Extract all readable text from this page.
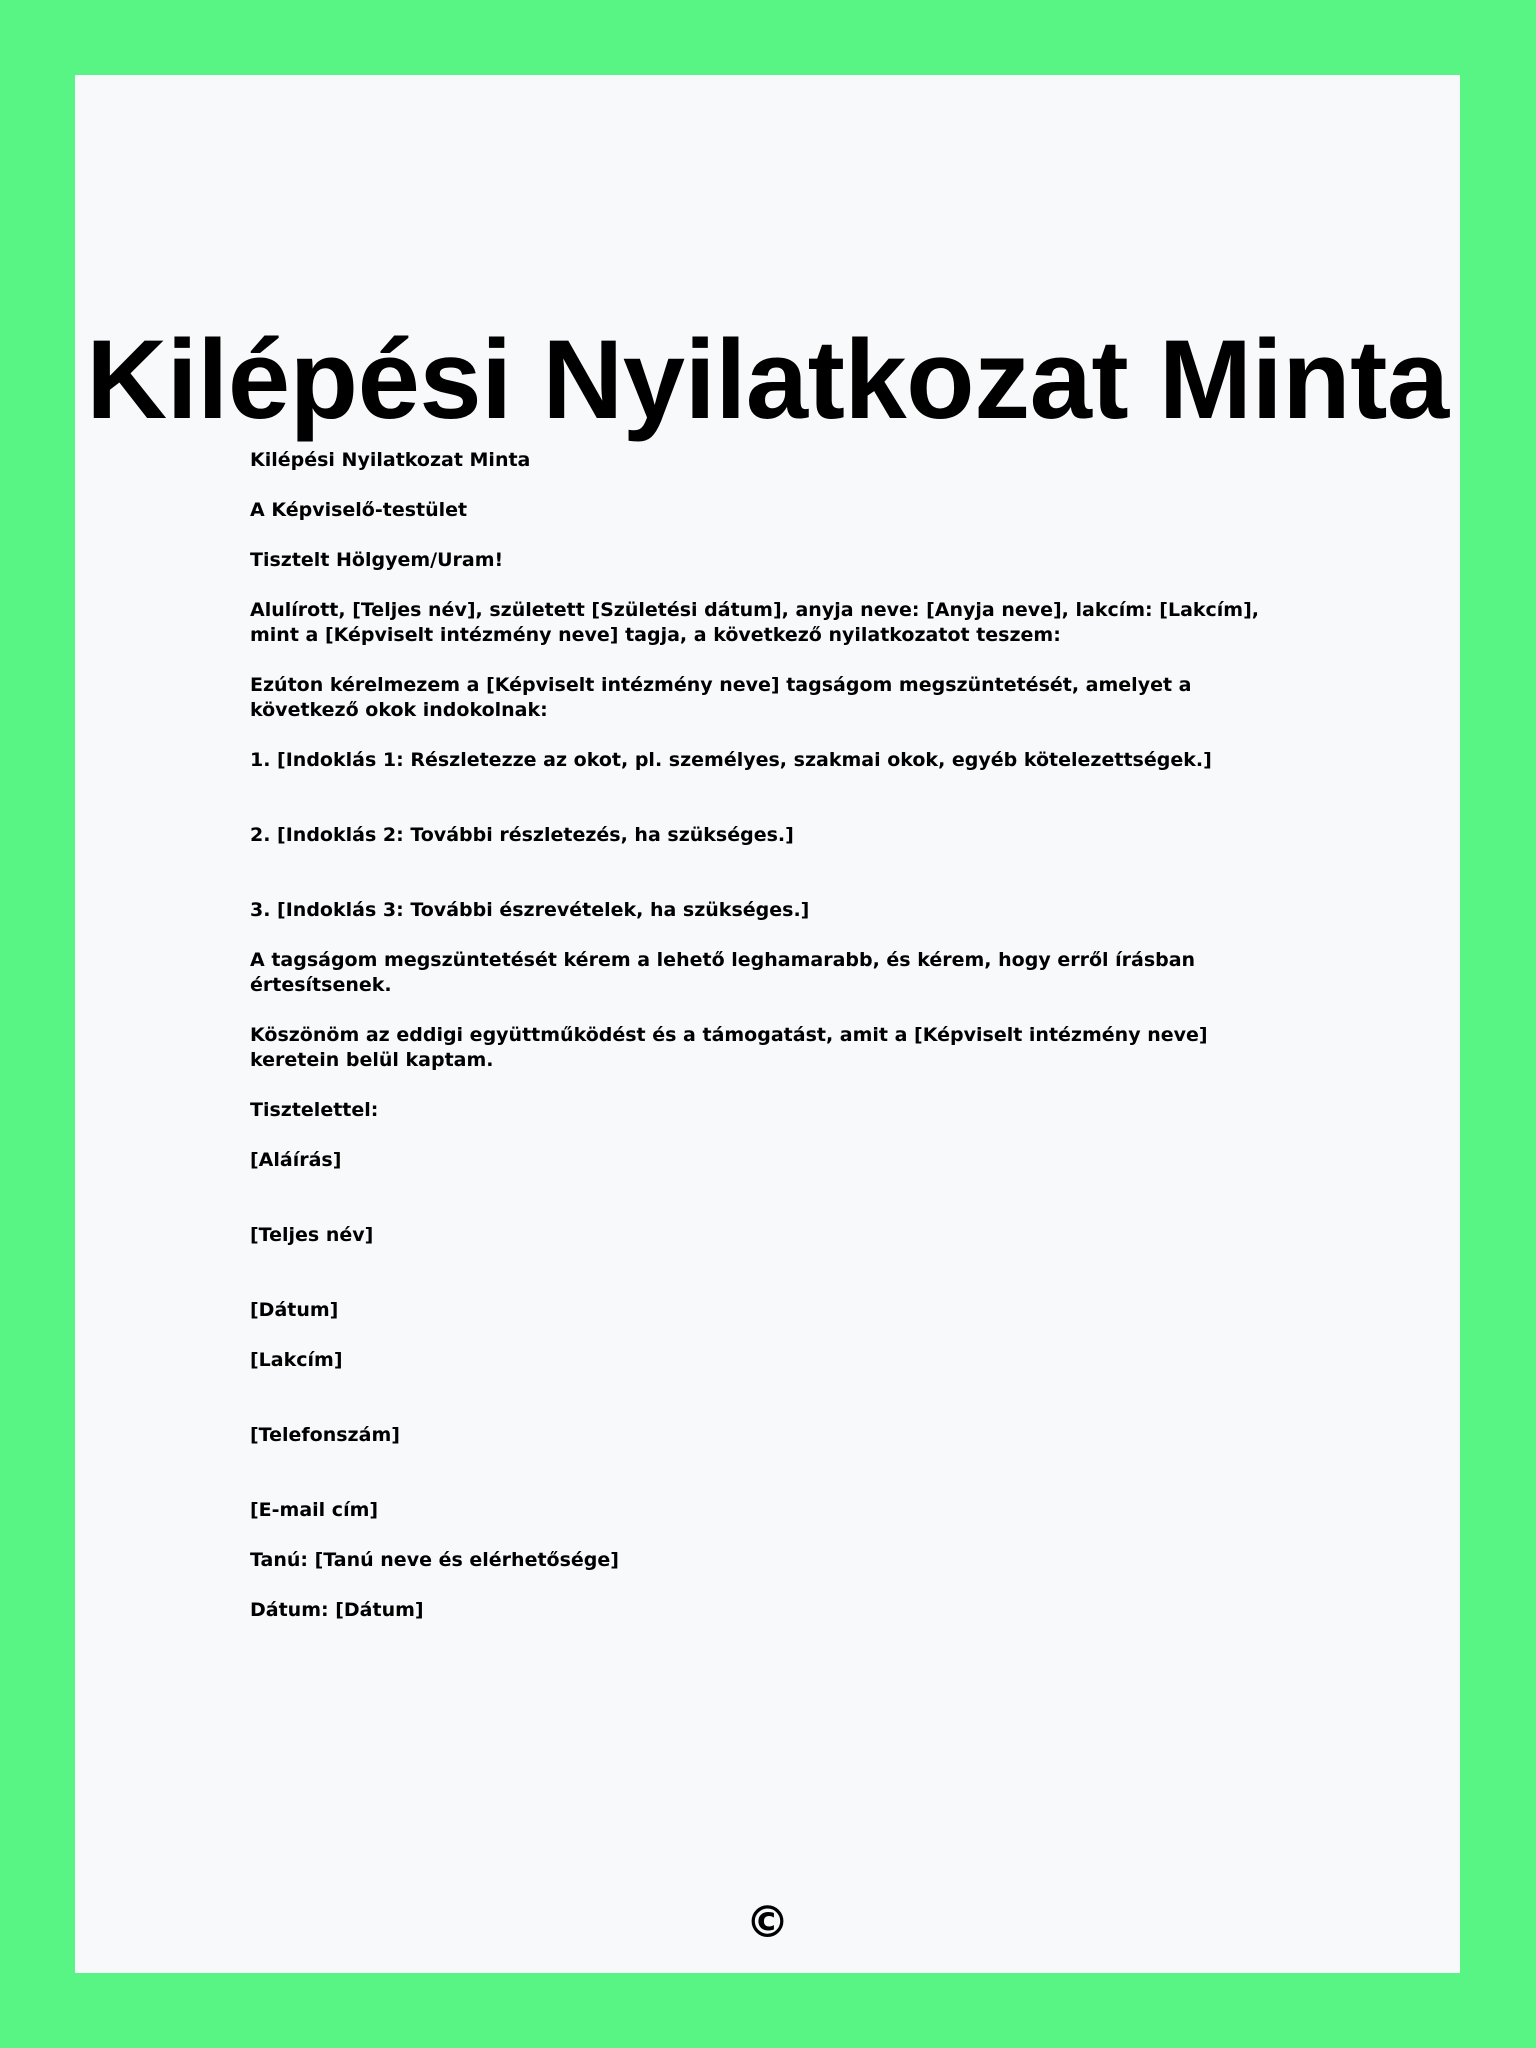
Kilépési Nyilatkozat Minta

Kilépési Nyilatkozat Minta

A Képviselő-testület

Tisztelt Hölgyem/Uram!

Alulírott, [Teljes név], született [Születési dátum], anyja neve: [Anyja neve], lakcím: [Lakcím], mint a [Képviselt intézmény neve] tagja, a következő nyilatkozatot teszem:

Ezúton kérelmezem a [Képviselt intézmény neve] tagságom megszüntetését, amelyet a következő okok indokolnak:

1. [Indoklás 1: Részletezze az okot, pl. személyes, szakmai okok, egyéb kötelezettségek.]

2. [Indoklás 2: További részletezés, ha szükséges.]

3. [Indoklás 3: További észrevételek, ha szükséges.]

A tagságom megszüntetését kérem a lehető leghamarabb, és kérem, hogy erről írásban értesítsenek.

Köszönöm az eddigi együttműködést és a támogatást, amit a [Képviselt intézmény neve] keretein belül kaptam.

Tisztelettel:

[Aláírás]

[Teljes név]

[Dátum]

[Lakcím]

[Telefonszám]

[E-mail cím]

Tanú: [Tanú neve és elérhetősége]

Dátum: [Dátum]

©
